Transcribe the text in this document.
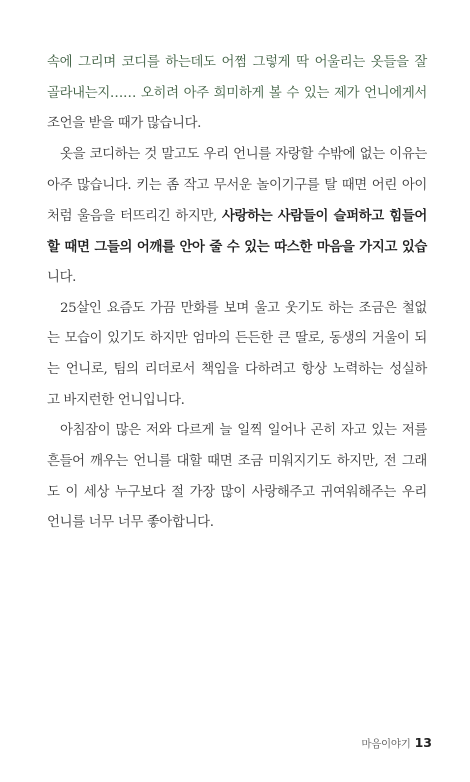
속에 그리며 코디를 하는데도 어쩜 그렇게 딱 어울리는 옷들을 잘
골라내는지…… 오히려 아주 희미하게 볼 수 있는 제가 언니에게서
조언을 받을 때가 많습니다.
옷을 코디하는 것 말고도 우리 언니를 자랑할 수밖에 없는 이유는
아주 많습니다. 키는 좀 작고 무서운 놀이기구를 탈 때면 어린 아이
처럼 울음을 터뜨리긴 하지만, 사랑하는 사람들이 슬퍼하고 힘들어
할 때면 그들의 어깨를 안아 줄 수 있는 따스한 마음을 가지고 있습
니다.
25살인 요즘도 가끔 만화를 보며 울고 웃기도 하는 조금은 철없
는 모습이 있기도 하지만 엄마의 든든한 큰 딸로, 동생의 거울이 되
는 언니로, 팀의 리더로서 책임을 다하려고 항상 노력하는 성실하
고 바지런한 언니입니다.
아침잠이 많은 저와 다르게 늘 일찍 일어나 곤히 자고 있는 저를
흔들어 깨우는 언니를 대할 때면 조금 미워지기도 하지만, 전 그래
도 이 세상 누구보다 절 가장 많이 사랑해주고 귀여워해주는 우리
언니를 너무 너무 좋아합니다.
마음이야기 13
